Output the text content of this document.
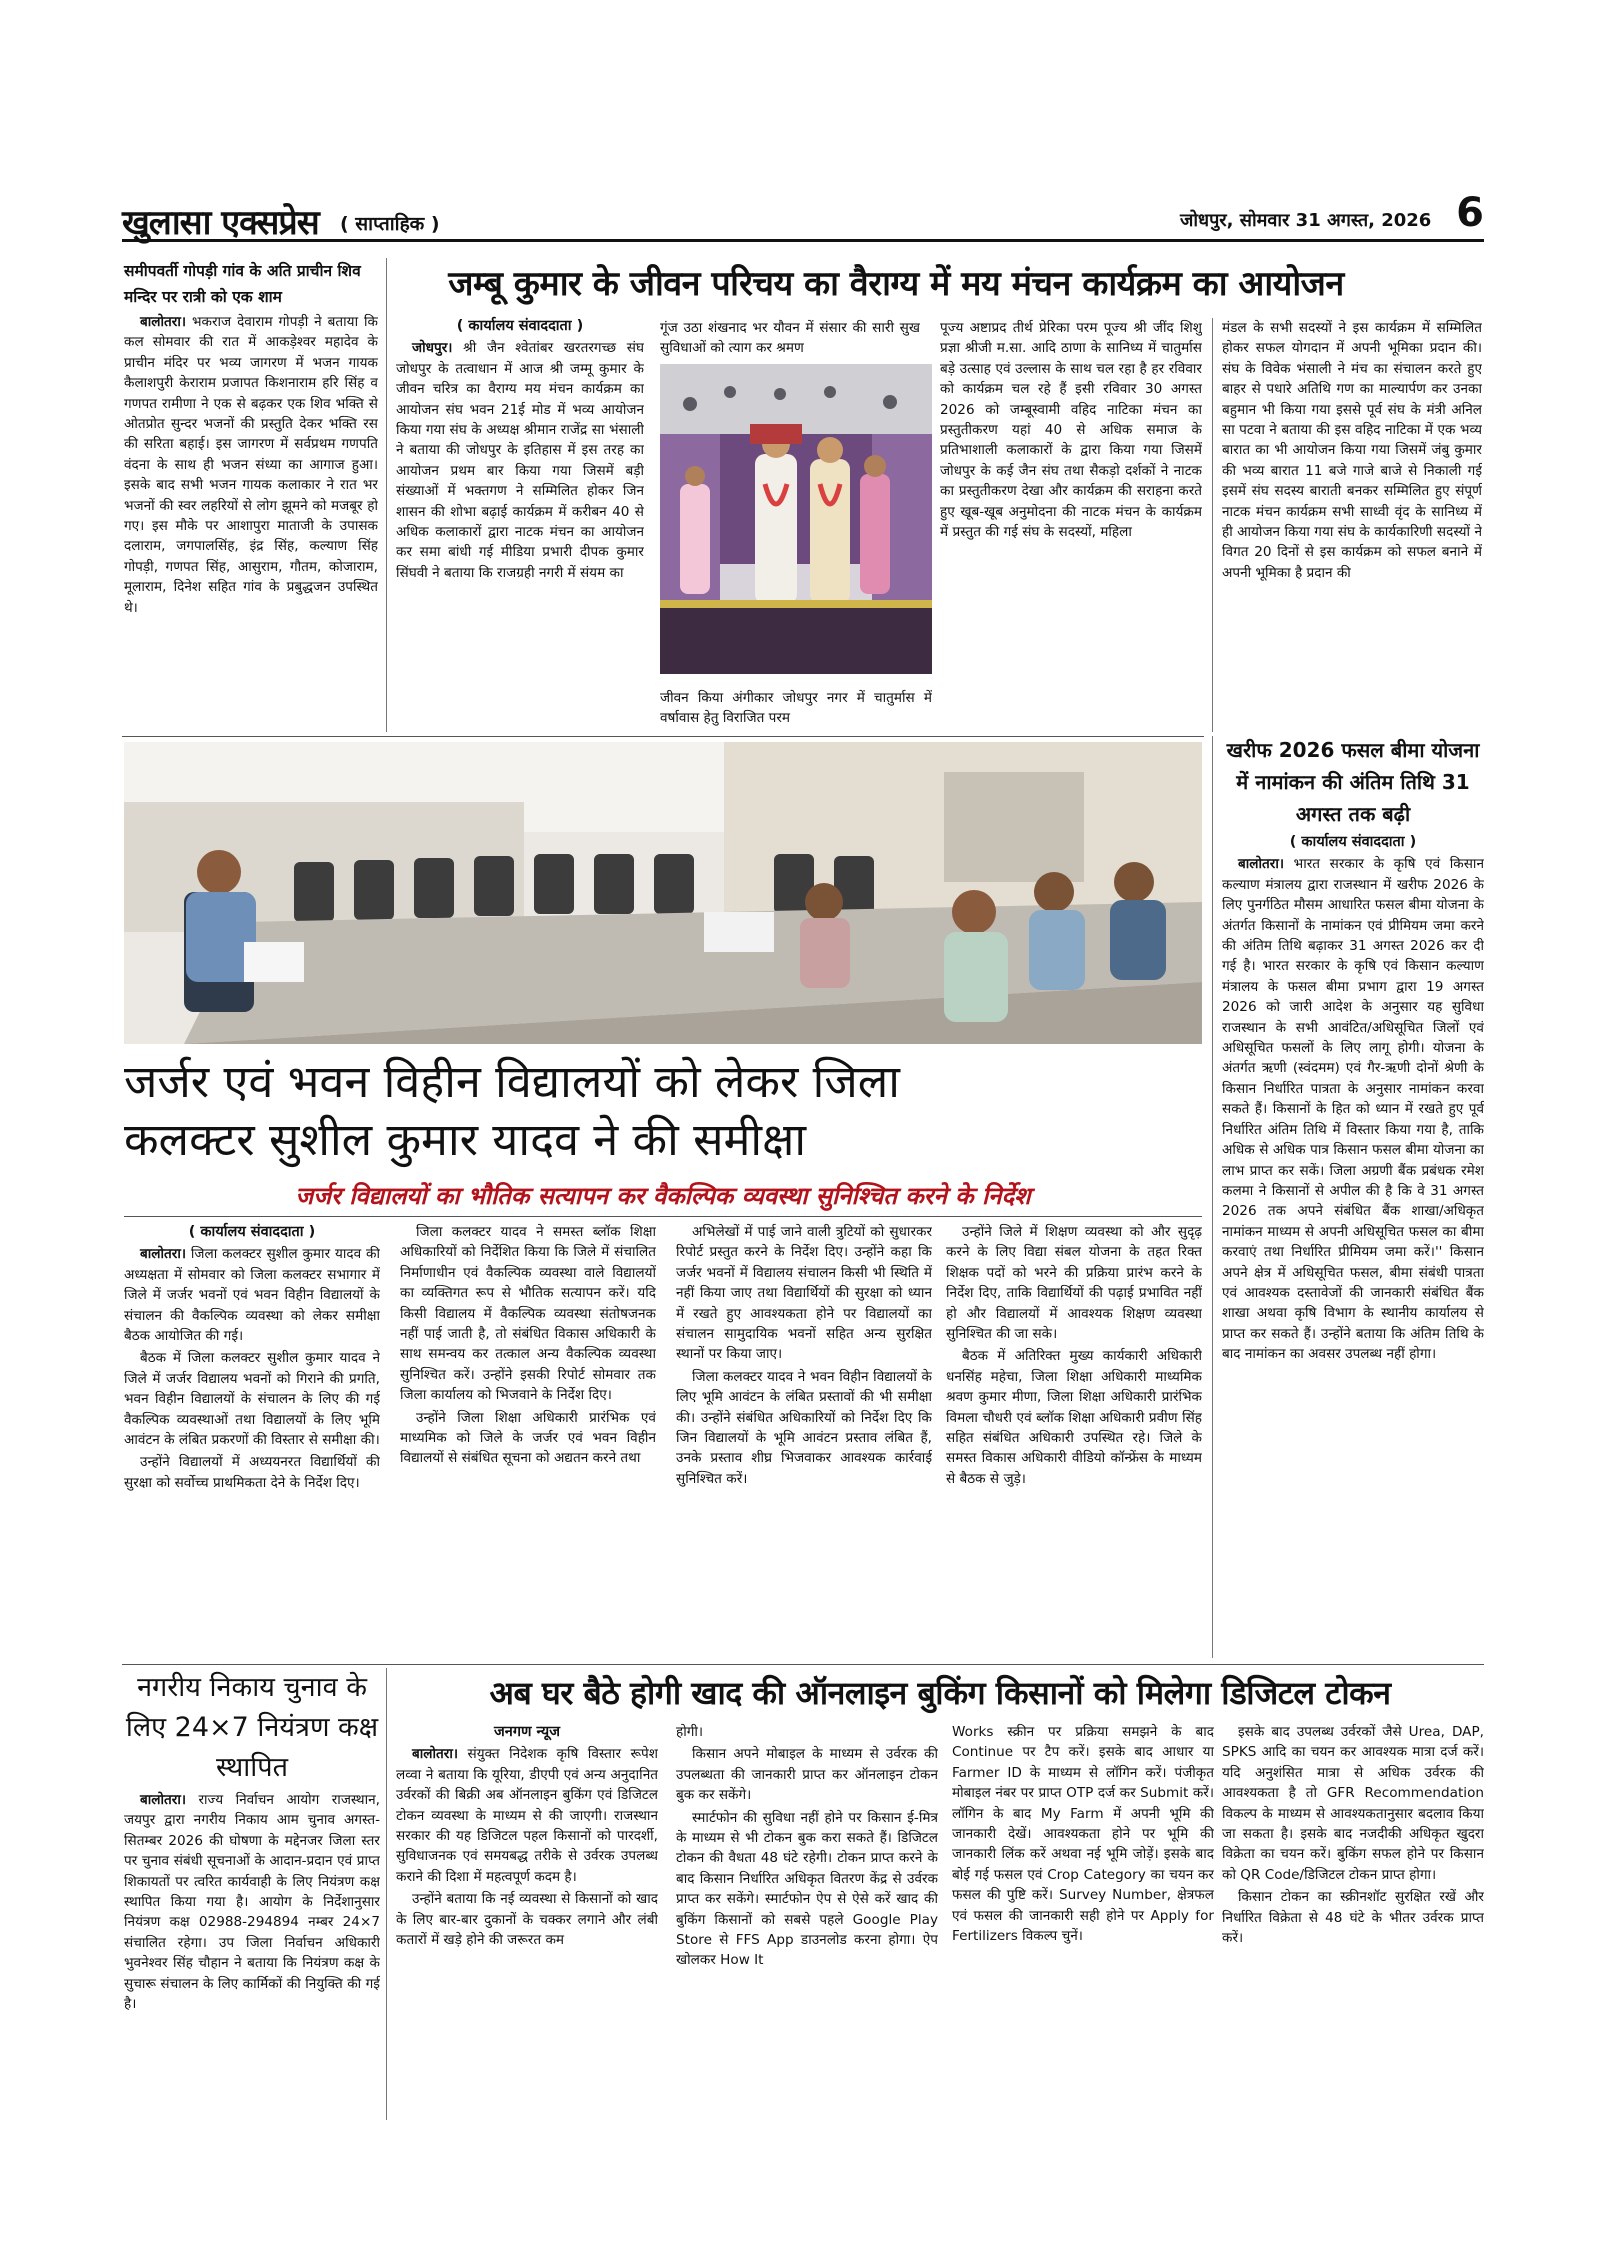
खुलासा एक्सप्रेस ( साप्ताहिक )	जोधपुर, सोमवार 31 अगस्त, 2026 6
समीपवर्ती गोपड़ी गांव के अति प्राचीन शिव मन्दिर पर रात्री को एक शाम

बालोतरा। भकराज देवाराम गोपड़ी ने बताया कि कल सोमवार की रात में आकड़ेश्वर महादेव के प्राचीन मंदिर पर भव्य जागरण में भजन गायक कैलाशपुरी केराराम प्रजापत किशनाराम हरि सिंह व गणपत रामीणा ने एक से बढ़कर एक शिव भक्ति से ओतप्रोत सुन्दर भजनों की प्रस्तुति देकर भक्ति रस की सरिता बहाई। इस जागरण में सर्वप्रथम गणपति वंदना के साथ ही भजन संध्या का आगाज हुआ। इसके बाद सभी भजन गायक कलाकार ने रात भर भजनों की स्वर लहरियों से लोग झूमने को मजबूर हो गए। इस मौके पर आशापुरा माताजी के उपासक दलाराम, जगपालसिंह, इंद्र सिंह, कल्याण सिंह गोपड़ी, गणपत सिंह, आसुराम, गौतम, कोजाराम, मूलाराम, दिनेश सहित गांव के प्रबुद्धजन उपस्थित थे।

जम्बू कुमार के जीवन परिचय का वैराग्य में मय मंचन कार्यक्रम का आयोजन
( कार्यालय संवाददाता )

जोधपुर। श्री जैन श्वेतांबर खरतरगच्छ संघ जोधपुर के तत्वाधान में आज श्री जम्मू कुमार के जीवन चरित्र का वैराग्य मय मंचन कार्यक्रम का आयोजन संघ भवन 21ई मोड में भव्य आयोजन किया गया संघ के अध्यक्ष श्रीमान राजेंद्र सा भंसाली ने बताया की जोधपुर के इतिहास में इस तरह का आयोजन प्रथम बार किया गया जिसमें बड़ी संख्याओं में भक्तगण ने सम्मिलित होकर जिन शासन की शोभा बढ़ाई कार्यक्रम में करीबन 40 से अधिक कलाकारों द्वारा नाटक मंचन का आयोजन कर समा बांधी गई मीडिया प्रभारी दीपक कुमार सिंघवी ने बताया कि राजग्रही नगरी में संयम का

गूंज उठा शंखनाद भर यौवन में संसार की सारी सुख सुविधाओं को त्याग कर श्रमण
जीवन किया अंगीकार जोधपुर नगर में चातुर्मास में वर्षावास हेतु विराजित परम
पूज्य अष्टाप्रद तीर्थ प्रेरिका परम पूज्य श्री जींद शिशु प्रज्ञा श्रीजी म.सा. आदि ठाणा के सानिध्य में चातुर्मास बड़े उत्साह एवं उल्लास के साथ चल रहा है हर रविवार को कार्यक्रम चल रहे हैं इसी रविवार 30 अगस्त 2026 को जम्बूस्वामी वहिद नाटिका मंचन का प्रस्तुतीकरण यहां 40 से अधिक समाज के प्रतिभाशाली कलाकारों के द्वारा किया गया जिसमें जोधपुर के कई जैन संघ तथा सैकड़ो दर्शकों ने नाटक का प्रस्तुतीकरण देखा और कार्यक्रम की सराहना करते हुए खूब-खूब अनुमोदना की नाटक मंचन के कार्यक्रम में प्रस्तुत की गई संघ के सदस्यों, महिला
मंडल के सभी सदस्यों ने इस कार्यक्रम में सम्मिलित होकर सफल योगदान में अपनी भूमिका प्रदान की। संघ के विवेक भंसाली ने मंच का संचालन करते हुए बाहर से पधारे अतिथि गण का माल्यार्पण कर उनका बहुमान भी किया गया इससे पूर्व संघ के मंत्री अनिल सा पटवा ने बताया की इस वहिद नाटिका में एक भव्य बारात का भी आयोजन किया गया जिसमें जंबु कुमार की भव्य बारात 11 बजे गाजे बाजे से निकाली गई इसमें संघ सदस्य बाराती बनकर सम्मिलित हुए संपूर्ण नाटक मंचन कार्यक्रम सभी साध्वी वृंद के सानिध्य में ही आयोजन किया गया संघ के कार्यकारिणी सदस्यों ने विगत 20 दिनों से इस कार्यक्रम को सफल बनाने में अपनी भूमिका है प्रदान की
जर्जर एवं भवन विहीन विद्यालयों को लेकर जिला
कलक्टर सुशील कुमार यादव ने की समीक्षा
जर्जर विद्यालयों का भौतिक सत्यापन कर वैकल्पिक व्यवस्था सुनिश्चित करने के निर्देश
( कार्यालय संवाददाता )

बालोतरा। जिला कलक्टर सुशील कुमार यादव की अध्यक्षता में सोमवार को जिला कलक्टर सभागार में जिले में जर्जर भवनों एवं भवन विहीन विद्यालयों के संचालन की वैकल्पिक व्यवस्था को लेकर समीक्षा बैठक आयोजित की गई।

बैठक में जिला कलक्टर सुशील कुमार यादव ने जिले में जर्जर विद्यालय भवनों को गिराने की प्रगति, भवन विहीन विद्यालयों के संचालन के लिए की गई वैकल्पिक व्यवस्थाओं तथा विद्यालयों के लिए भूमि आवंटन के लंबित प्रकरणों की विस्तार से समीक्षा की।

उन्होंने विद्यालयों में अध्ययनरत विद्यार्थियों की सुरक्षा को सर्वोच्च प्राथमिकता देने के निर्देश दिए।

जिला कलक्टर यादव ने समस्त ब्लॉक शिक्षा अधिकारियों को निर्देशित किया कि जिले में संचालित निर्माणाधीन एवं वैकल्पिक व्यवस्था वाले विद्यालयों का व्यक्तिगत रूप से भौतिक सत्यापन करें। यदि किसी विद्यालय में वैकल्पिक व्यवस्था संतोषजनक नहीं पाई जाती है, तो संबंधित विकास अधिकारी के साथ समन्वय कर तत्काल अन्य वैकल्पिक व्यवस्था सुनिश्चित करें। उन्होंने इसकी रिपोर्ट सोमवार तक जिला कार्यालय को भिजवाने के निर्देश दिए।

उन्होंने जिला शिक्षा अधिकारी प्रारंभिक एवं माध्यमिक को जिले के जर्जर एवं भवन विहीन विद्यालयों से संबंधित सूचना को अद्यतन करने तथा

अभिलेखों में पाई जाने वाली त्रुटियों को सुधारकर रिपोर्ट प्रस्तुत करने के निर्देश दिए। उन्होंने कहा कि जर्जर भवनों में विद्यालय संचालन किसी भी स्थिति में नहीं किया जाए तथा विद्यार्थियों की सुरक्षा को ध्यान में रखते हुए आवश्यकता होने पर विद्यालयों का संचालन सामुदायिक भवनों सहित अन्य सुरक्षित स्थानों पर किया जाए।

जिला कलक्टर यादव ने भवन विहीन विद्यालयों के लिए भूमि आवंटन के लंबित प्रस्तावों की भी समीक्षा की। उन्होंने संबंधित अधिकारियों को निर्देश दिए कि जिन विद्यालयों के भूमि आवंटन प्रस्ताव लंबित हैं, उनके प्रस्ताव शीघ्र भिजवाकर आवश्यक कार्रवाई सुनिश्चित करें।

उन्होंने जिले में शिक्षण व्यवस्था को और सुदृढ़ करने के लिए विद्या संबल योजना के तहत रिक्त शिक्षक पदों को भरने की प्रक्रिया प्रारंभ करने के निर्देश दिए, ताकि विद्यार्थियों की पढ़ाई प्रभावित नहीं हो और विद्यालयों में आवश्यक शिक्षण व्यवस्था सुनिश्चित की जा सके।

बैठक में अतिरिक्त मुख्य कार्यकारी अधिकारी धनसिंह महेचा, जिला शिक्षा अधिकारी माध्यमिक श्रवण कुमार मीणा, जिला शिक्षा अधिकारी प्रारंभिक विमला चौधरी एवं ब्लॉक शिक्षा अधिकारी प्रवीण सिंह सहित संबंधित अधिकारी उपस्थित रहे। जिले के समस्त विकास अधिकारी वीडियो कॉन्फ्रेंस के माध्यम से बैठक से जुड़े।

खरीफ 2026 फसल बीमा योजना में नामांकन की अंतिम तिथि 31 अगस्त तक बढ़ी
( कार्यालय संवाददाता )

बालोतरा। भारत सरकार के कृषि एवं किसान कल्याण मंत्रालय द्वारा राजस्थान में खरीफ 2026 के लिए पुनर्गठित मौसम आधारित फसल बीमा योजना के अंतर्गत किसानों के नामांकन एवं प्रीमियम जमा करने की अंतिम तिथि बढ़ाकर 31 अगस्त 2026 कर दी गई है। भारत सरकार के कृषि एवं किसान कल्याण मंत्रालय के फसल बीमा प्रभाग द्वारा 19 अगस्त 2026 को जारी आदेश के अनुसार यह सुविधा राजस्थान के सभी आवंटित/अधिसूचित जिलों एवं अधिसूचित फसलों के लिए लागू होगी। योजना के अंतर्गत ऋणी (स्वंदमम) एवं गैर-ऋणी दोनों श्रेणी के किसान निर्धारित पात्रता के अनुसार नामांकन करवा सकते हैं। किसानों के हित को ध्यान में रखते हुए पूर्व निर्धारित अंतिम तिथि में विस्तार किया गया है, ताकि अधिक से अधिक पात्र किसान फसल बीमा योजना का लाभ प्राप्त कर सकें। जिला अग्रणी बैंक प्रबंधक रमेश कलमा ने किसानों से अपील की है कि वे 31 अगस्त 2026 तक अपने संबंधित बैंक शाखा/अधिकृत नामांकन माध्यम से अपनी अधिसूचित फसल का बीमा करवाएं तथा निर्धारित प्रीमियम जमा करें।'' किसान अपने क्षेत्र में अधिसूचित फसल, बीमा संबंधी पात्रता एवं आवश्यक दस्तावेजों की जानकारी संबंधित बैंक शाखा अथवा कृषि विभाग के स्थानीय कार्यालय से प्राप्त कर सकते हैं। उन्होंने बताया कि अंतिम तिथि के बाद नामांकन का अवसर उपलब्ध नहीं होगा।

नगरीय निकाय चुनाव के लिए 24×7 नियंत्रण कक्ष स्थापित

बालोतरा। राज्य निर्वाचन आयोग राजस्थान, जयपुर द्वारा नगरीय निकाय आम चुनाव अगस्त-सितम्बर 2026 की घोषणा के मद्देनजर जिला स्तर पर चुनाव संबंधी सूचनाओं के आदान-प्रदान एवं प्राप्त शिकायतों पर त्वरित कार्यवाही के लिए नियंत्रण कक्ष स्थापित किया गया है। आयोग के निर्देशानुसार नियंत्रण कक्ष 02988-294894 नम्बर 24×7 संचालित रहेगा। उप जिला निर्वाचन अधिकारी भुवनेश्वर सिंह चौहान ने बताया कि नियंत्रण कक्ष के सुचारू संचालन के लिए कार्मिकों की नियुक्ति की गई है।

अब घर बैठे होगी खाद की ऑनलाइन बुकिंग किसानों को मिलेगा डिजिटल टोकन
जनगण न्यूज

बालोतरा। संयुक्त निदेशक कृषि विस्तार रूपेश लव्वा ने बताया कि यूरिया, डीएपी एवं अन्य अनुदानित उर्वरकों की बिक्री अब ऑनलाइन बुकिंग एवं डिजिटल टोकन व्यवस्था के माध्यम से की जाएगी। राजस्थान सरकार की यह डिजिटल पहल किसानों को पारदर्शी, सुविधाजनक एवं समयबद्ध तरीके से उर्वरक उपलब्ध कराने की दिशा में महत्वपूर्ण कदम है।

उन्होंने बताया कि नई व्यवस्था से किसानों को खाद के लिए बार-बार दुकानों के चक्कर लगाने और लंबी कतारों में खड़े होने की जरूरत कम

होगी।

किसान अपने मोबाइल के माध्यम से उर्वरक की उपलब्धता की जानकारी प्राप्त कर ऑनलाइन टोकन बुक कर सकेंगे।

स्मार्टफोन की सुविधा नहीं होने पर किसान ई-मित्र के माध्यम से भी टोकन बुक करा सकते हैं। डिजिटल टोकन की वैधता 48 घंटे रहेगी। टोकन प्राप्त करने के बाद किसान निर्धारित अधिकृत वितरण केंद्र से उर्वरक प्राप्त कर सकेंगे। स्मार्टफोन ऐप से ऐसे करें खाद की बुकिंग किसानों को सबसे पहले Google Play Store से FFS App डाउनलोड करना होगा। ऐप खोलकर How It

Works स्क्रीन पर प्रक्रिया समझने के बाद Continue पर टैप करें। इसके बाद आधार या Farmer ID के माध्यम से लॉगिन करें। पंजीकृत मोबाइल नंबर पर प्राप्त OTP दर्ज कर Submit करें। लॉगिन के बाद My Farm में अपनी भूमि की जानकारी देखें। आवश्यकता होने पर भूमि की जानकारी लिंक करें अथवा नई भूमि जोड़ें। इसके बाद बोई गई फसल एवं Crop Category का चयन कर फसल की पुष्टि करें। Survey Number, क्षेत्रफल एवं फसल की जानकारी सही होने पर Apply for Fertilizers विकल्प चुनें।

इसके बाद उपलब्ध उर्वरकों जैसे Urea, DAP, SPKS आदि का चयन कर आवश्यक मात्रा दर्ज करें। यदि अनुशंसित मात्रा से अधिक उर्वरक की आवश्यकता है तो GFR Recommendation विकल्प के माध्यम से आवश्यकतानुसार बदलाव किया जा सकता है। इसके बाद नजदीकी अधिकृत खुदरा विक्रेता का चयन करें। बुकिंग सफल होने पर किसान को QR Code/डिजिटल टोकन प्राप्त होगा।

किसान टोकन का स्क्रीनशॉट सुरक्षित रखें और निर्धारित विक्रेता से 48 घंटे के भीतर उर्वरक प्राप्त करें।
